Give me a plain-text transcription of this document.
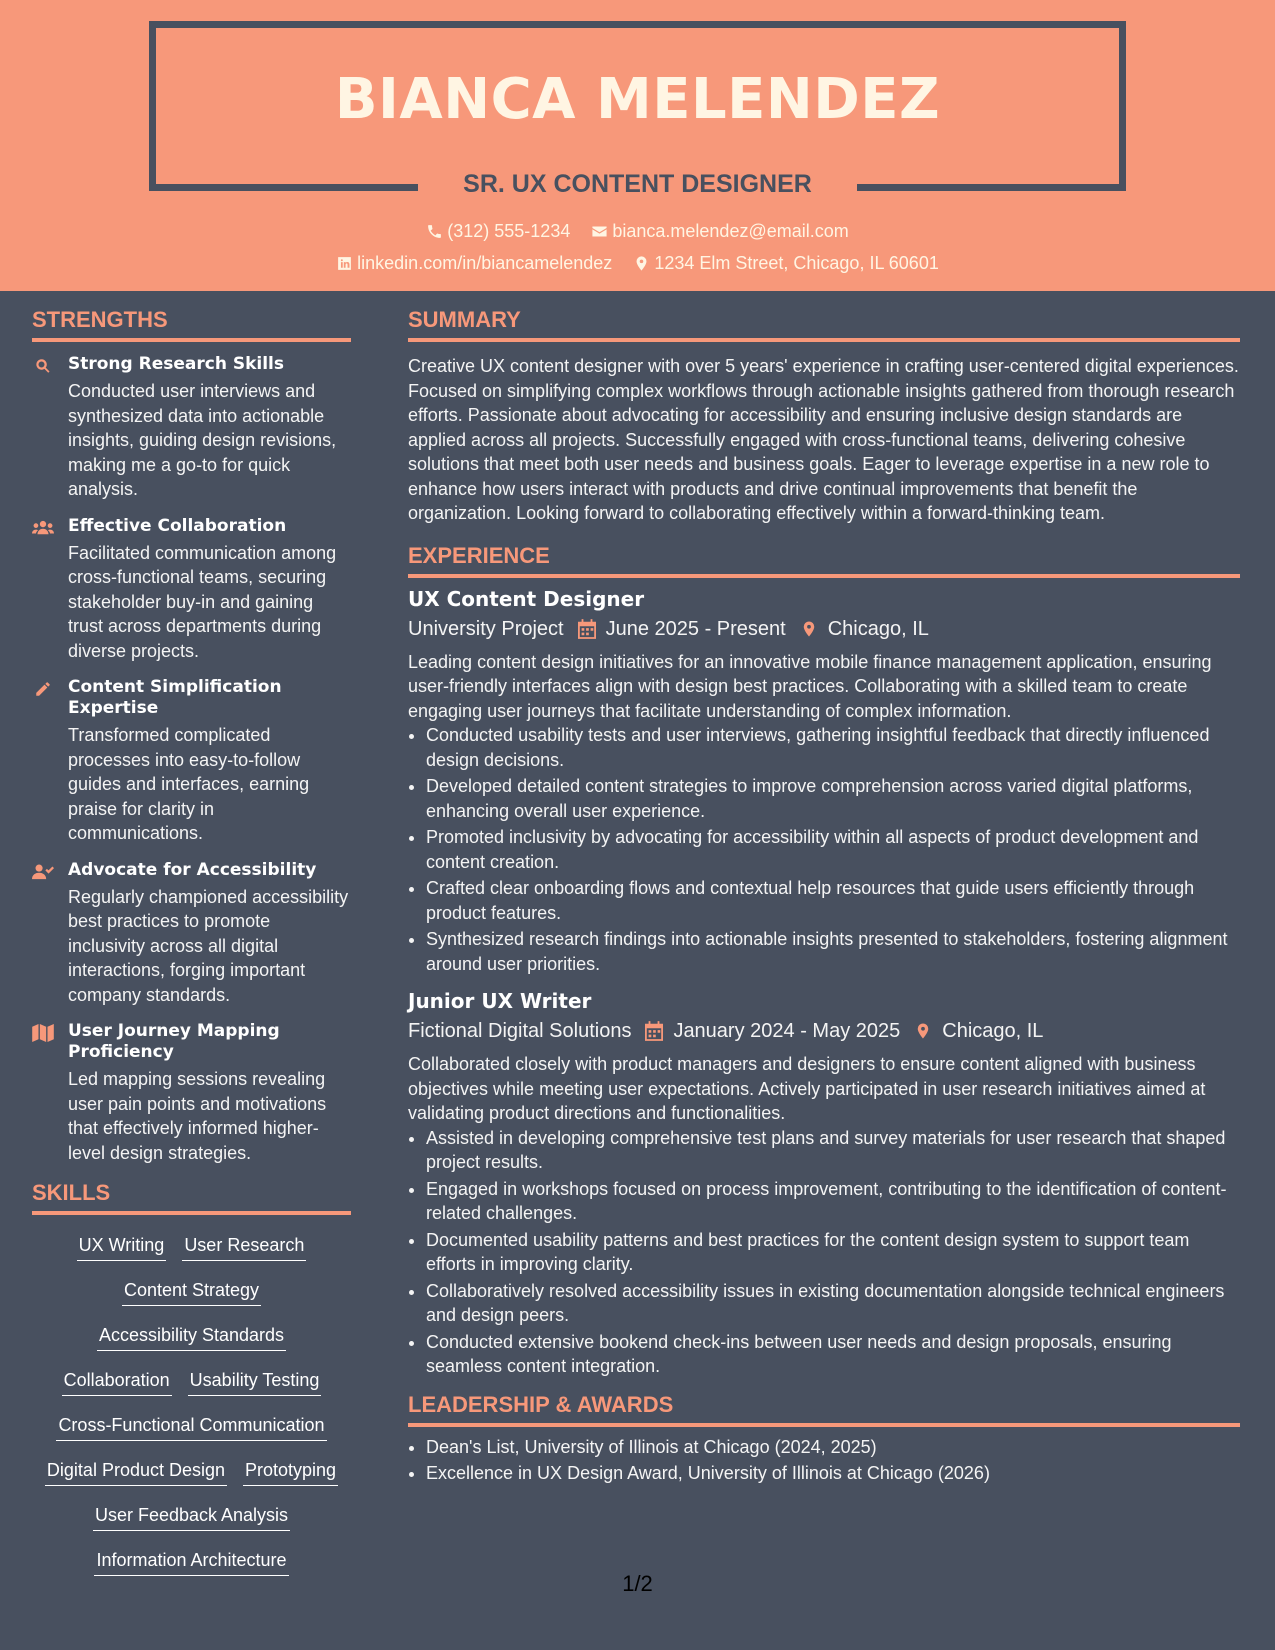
BIANCA MELENDEZ
SR. UX CONTENT DESIGNER
(312) 555-1234
bianca.melendez@email.com
linkedin.com/in/biancamelendez
1234 Elm Street, Chicago, IL 60601
STRENGTHS
Strong Research Skills
Conducted user interviews and synthesized data into actionable insights, guiding design revisions, making me a go-to for quick analysis.
Effective Collaboration
Facilitated communication among cross-functional teams, securing stakeholder buy-in and gaining trust across departments during diverse projects.
Content Simplification Expertise
Transformed complicated processes into easy-to-follow guides and interfaces, earning praise for clarity in communications.
Advocate for Accessibility
Regularly championed accessibility best practices to promote inclusivity across all digital interactions, forging important company standards.
User Journey Mapping Proficiency
Led mapping sessions revealing user pain points and motivations that effectively informed higher-level design strategies.
SKILLS
UX Writing User Research
Content Strategy
Accessibility Standards
Collaboration Usability Testing
Cross-Functional Communication
Digital Product Design Prototyping
User Feedback Analysis
Information Architecture
SUMMARY
Creative UX content designer with over 5 years' experience in crafting user-centered digital experiences. Focused on simplifying complex workflows through actionable insights gathered from thorough research efforts. Passionate about advocating for accessibility and ensuring inclusive design standards are applied across all projects. Successfully engaged with cross-functional teams, delivering cohesive solutions that meet both user needs and business goals. Eager to leverage expertise in a new role to enhance how users interact with products and drive continual improvements that benefit the organization. Looking forward to collaborating effectively within a forward-thinking team.
EXPERIENCE
UX Content Designer
University Project June 2025 - Present Chicago, IL
Leading content design initiatives for an innovative mobile finance management application, ensuring user-friendly interfaces align with design best practices. Collaborating with a skilled team to create engaging user journeys that facilitate understanding of complex information.
• Conducted usability tests and user interviews, gathering insightful feedback that directly influenced design decisions.
• Developed detailed content strategies to improve comprehension across varied digital platforms, enhancing overall user experience.
• Promoted inclusivity by advocating for accessibility within all aspects of product development and content creation.
• Crafted clear onboarding flows and contextual help resources that guide users efficiently through product features.
• Synthesized research findings into actionable insights presented to stakeholders, fostering alignment around user priorities.
Junior UX Writer
Fictional Digital Solutions January 2024 - May 2025 Chicago, IL
Collaborated closely with product managers and designers to ensure content aligned with business objectives while meeting user expectations. Actively participated in user research initiatives aimed at validating product directions and functionalities.
• Assisted in developing comprehensive test plans and survey materials for user research that shaped project results.
• Engaged in workshops focused on process improvement, contributing to the identification of content-related challenges.
• Documented usability patterns and best practices for the content design system to support team efforts in improving clarity.
• Collaboratively resolved accessibility issues in existing documentation alongside technical engineers and design peers.
• Conducted extensive bookend check-ins between user needs and design proposals, ensuring seamless content integration.
LEADERSHIP & AWARDS
• Dean's List, University of Illinois at Chicago (2024, 2025)
• Excellence in UX Design Award, University of Illinois at Chicago (2026)
1/2
